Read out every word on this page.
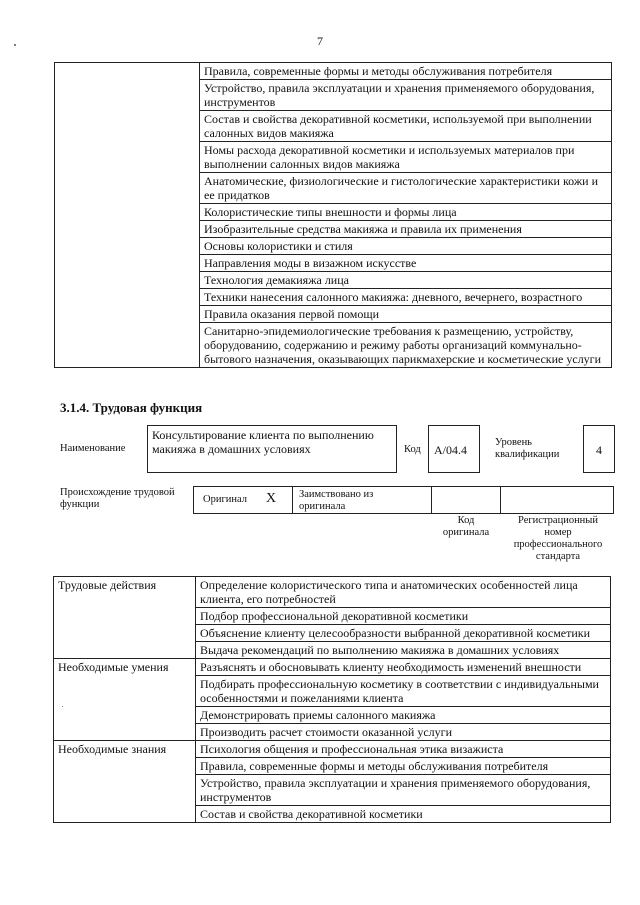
7
	Правила, современные формы и методы обслуживания потребителя
Устройство, правила эксплуатации и хранения применяемого оборудования, инструментов
Состав и свойства декоративной косметики, используемой при выполнении салонных видов макияжа
Номы расхода декоративной косметики и используемых материалов при выполнении салонных видов макияжа
Анатомические, физиологические и гистологические характеристики кожи и ее придатков
Колористические типы внешности и формы лица
Изобразительные средства макияжа и правила их применения
Основы колористики и стиля
Направления моды в визажном искусстве
Технология демакияжа лица
Техники нанесения салонного макияжа: дневного, вечернего, возрастного
Правила оказания первой помощи
Санитарно-эпидемиологические требования к размещению, устройству, оборудованию, содержанию и режиму работы организаций коммунально-бытового назначения, оказывающих парикмахерские и косметические услуги
3.1.4. Трудовая функция
Наименование
Консультирование клиента по выполнению макияжа в домашних условиях	Код A/04.4
Уровень квалификации	4
Происхождение трудовой функции	Оригинал X Заимствовано из оригинала
Код оригинала
Регистрационный номер профессионального стандарта
Трудовые действия	Определение колористического типа и анатомических особенностей лица клиента, его потребностей
	Подбор профессиональной декоративной косметики
	Объяснение клиенту целесообразности выбранной декоративной косметики
	Выдача рекомендаций по выполнению макияжа в домашних условиях
Необходимые умения	Разъяснять и обосновывать клиенту необходимость изменений внешности
	Подбирать профессиональную косметику в соответствии с индивидуальными особенностями и пожеланиями клиента
	Демонстрировать приемы салонного макияжа
	Производить расчет стоимости оказанной услуги
Необходимые знания	Психология общения и профессиональная этика визажиста
	Правила, современные формы и методы обслуживания потребителя
	Устройство, правила эксплуатации и хранения применяемого оборудования, инструментов
	Состав и свойства декоративной косметики
